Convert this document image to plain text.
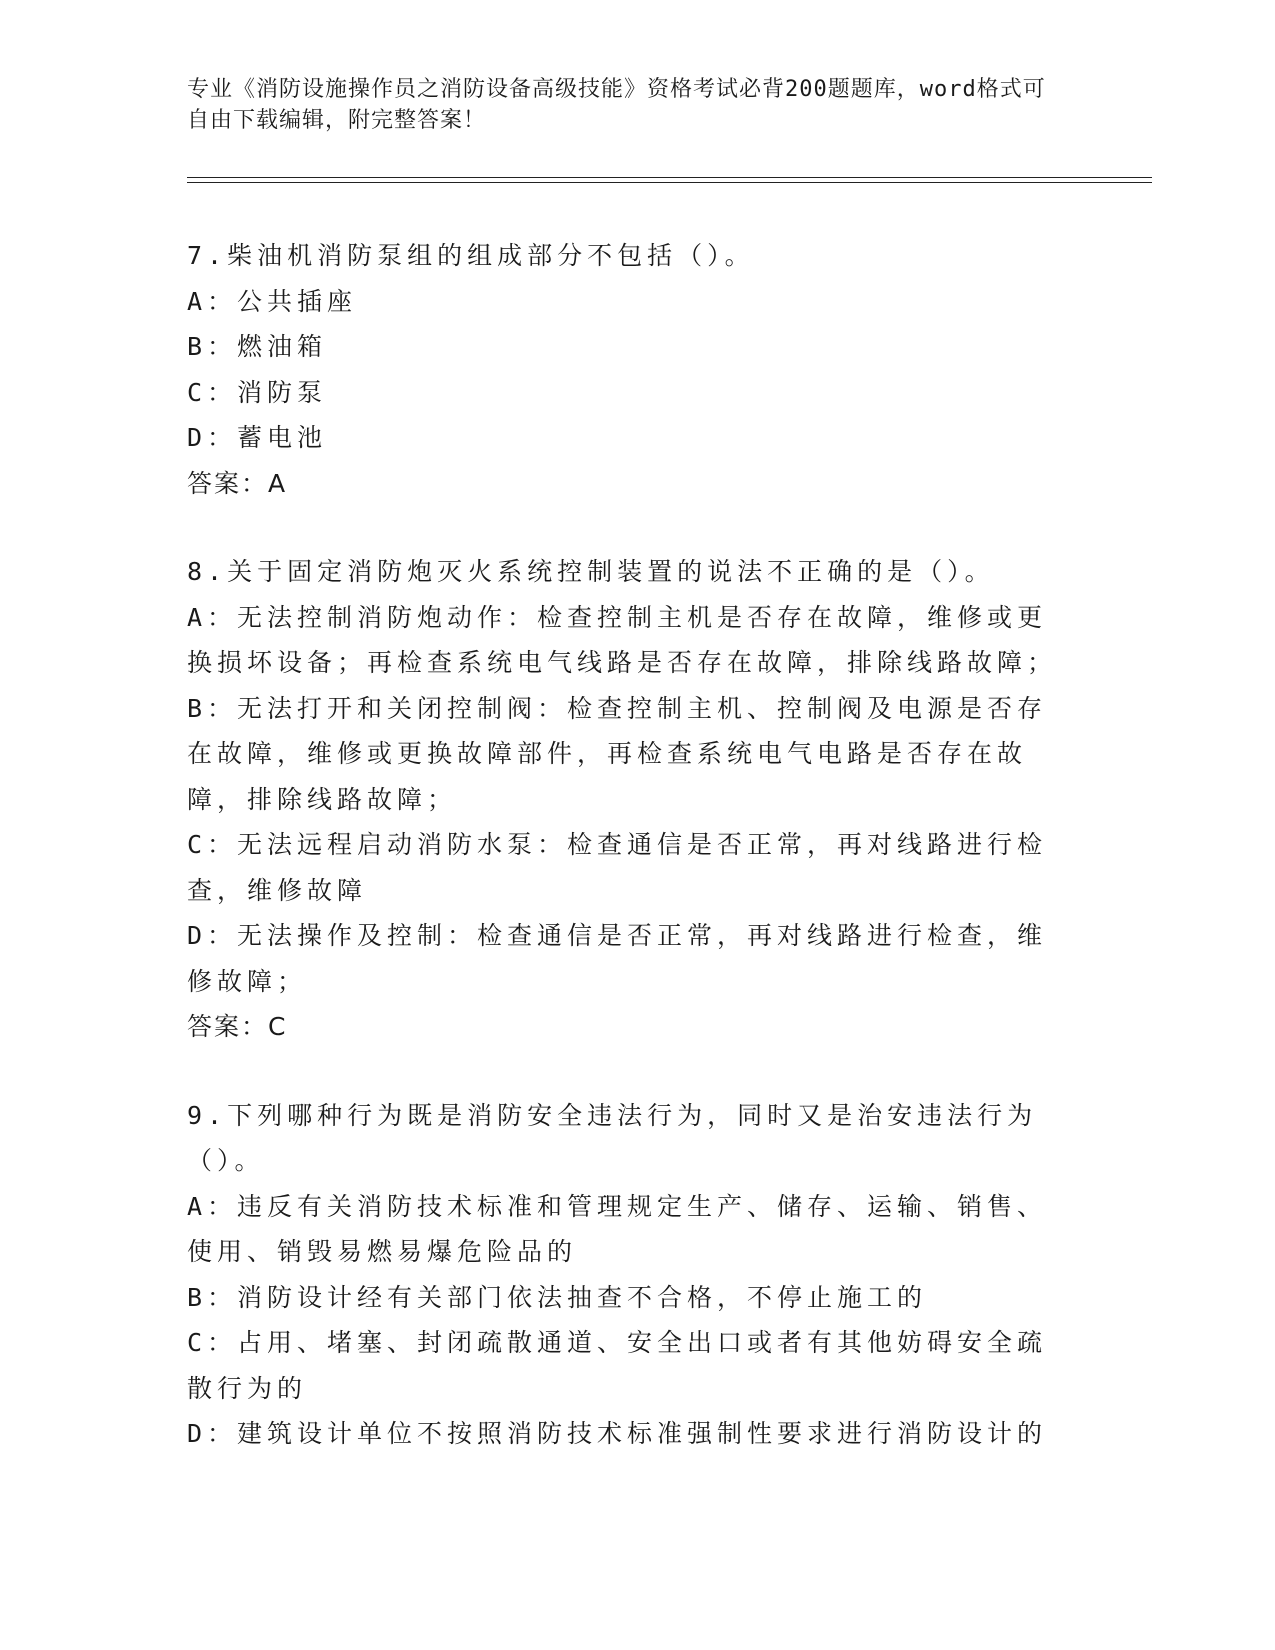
专业《消防设施操作员之消防设备高级技能》资格考试必背200题题库，word格式可自由下载编辑，附完整答案！
7.柴油机消防泵组的组成部分不包括（）。
A：公共插座
B：燃油箱
C：消防泵
D：蓄电池
答案：A
8.关于固定消防炮灭火系统控制装置的说法不正确的是（）。
A：无法控制消防炮动作：检查控制主机是否存在故障，维修或更换损坏设备；再检查系统电气线路是否存在故障，排除线路故障；
B：无法打开和关闭控制阀：检查控制主机、控制阀及电源是否存在故障，维修或更换故障部件，再检查系统电气电路是否存在故障，排除线路故障；
C：无法远程启动消防水泵：检查通信是否正常，再对线路进行检查，维修故障
D：无法操作及控制：检查通信是否正常，再对线路进行检查，维修故障；
答案：C
9.下列哪种行为既是消防安全违法行为，同时又是治安违法行为（）。
A：违反有关消防技术标准和管理规定生产、储存、运输、销售、使用、销毁易燃易爆危险品的
B：消防设计经有关部门依法抽查不合格，不停止施工的
C：占用、堵塞、封闭疏散通道、安全出口或者有其他妨碍安全疏散行为的
D：建筑设计单位不按照消防技术标准强制性要求进行消防设计的
